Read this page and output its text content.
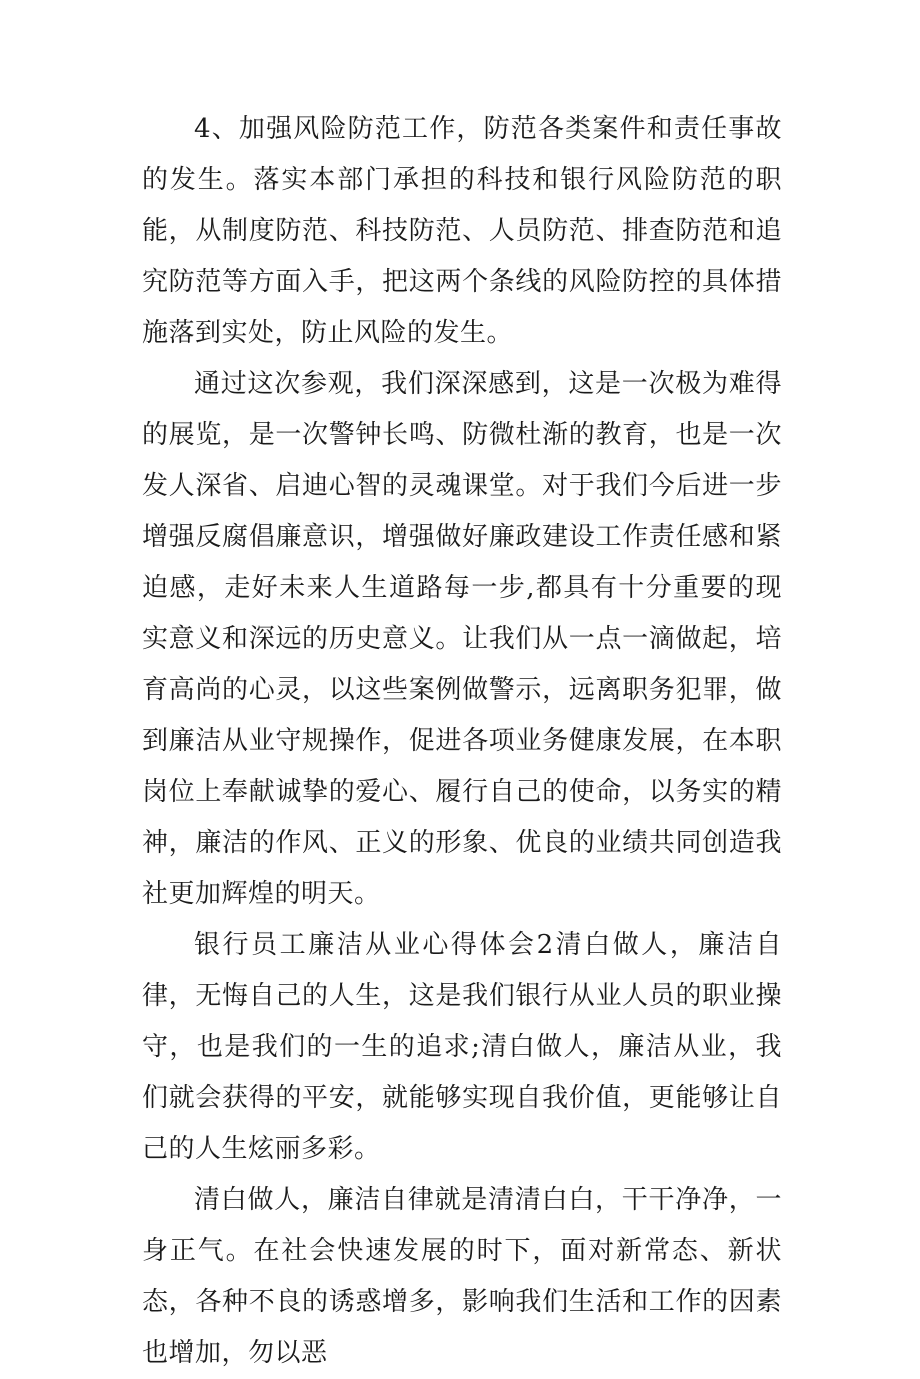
4、加强风险防范工作，防范各类案件和责任事故的发生。落实本部门承担的科技和银行风险防范的职能，从制度防范、科技防范、人员防范、排查防范和追究防范等方面入手，把这两个条线的风险防控的具体措施落到实处，防止风险的发生。

通过这次参观，我们深深感到，这是一次极为难得的展览，是一次警钟长鸣、防微杜渐的教育，也是一次发人深省、启迪心智的灵魂课堂。对于我们今后进一步增强反腐倡廉意识，增强做好廉政建设工作责任感和紧迫感，走好未来人生道路每一步,都具有十分重要的现实意义和深远的历史意义。让我们从一点一滴做起，培育高尚的心灵，以这些案例做警示，远离职务犯罪，做到廉洁从业守规操作，促进各项业务健康发展，在本职岗位上奉献诚挚的爱心、履行自己的使命，以务实的精神，廉洁的作风、正义的形象、优良的业绩共同创造我社更加辉煌的明天。

银行员工廉洁从业心得体会2清白做人，廉洁自律，无悔自己的人生，这是我们银行从业人员的职业操守，也是我们的一生的追求;清白做人，廉洁从业，我们就会获得的平安，就能够实现自我价值，更能够让自己的人生炫丽多彩。

清白做人，廉洁自律就是清清白白，干干净净，一身正气。在社会快速发展的时下，面对新常态、新状态，各种不良的诱惑增多，影响我们生活和工作的因素也增加，勿以恶
